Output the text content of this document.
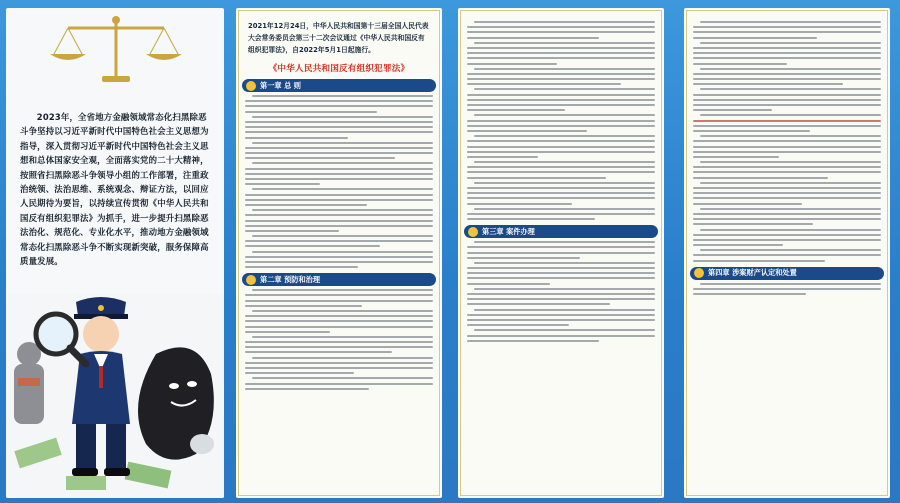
2023年，全省地方金融领域常态化扫黑除恶斗争坚持以习近平新时代中国特色社会主义思想为指导，深入贯彻习近平新时代中国特色社会主义思想和总体国家安全观，全面落实党的二十大精神，按照省扫黑除恶斗争领导小组的工作部署，注重政治统领、法治思维、系统观念、辩证方法，以回应人民期待为要旨，以持续宣传贯彻《中华人民共和国反有组织犯罪法》为抓手，进一步提升扫黑除恶法治化、规范化、专业化水平，推动地方金融领域常态化扫黑除恶斗争不断实现新突破，服务保障高质量发展。
2021年12月24日，中华人民共和国第十三届全国人民代表大会常务委员会第三十二次会议通过《中华人民共和国反有组织犯罪法》，自2022年5月1日起施行。
《中华人民共和国反有组织犯罪法》
第一章 总 则
第二章 预防和治理
第三章 案件办理
第四章 涉案财产认定和处置
